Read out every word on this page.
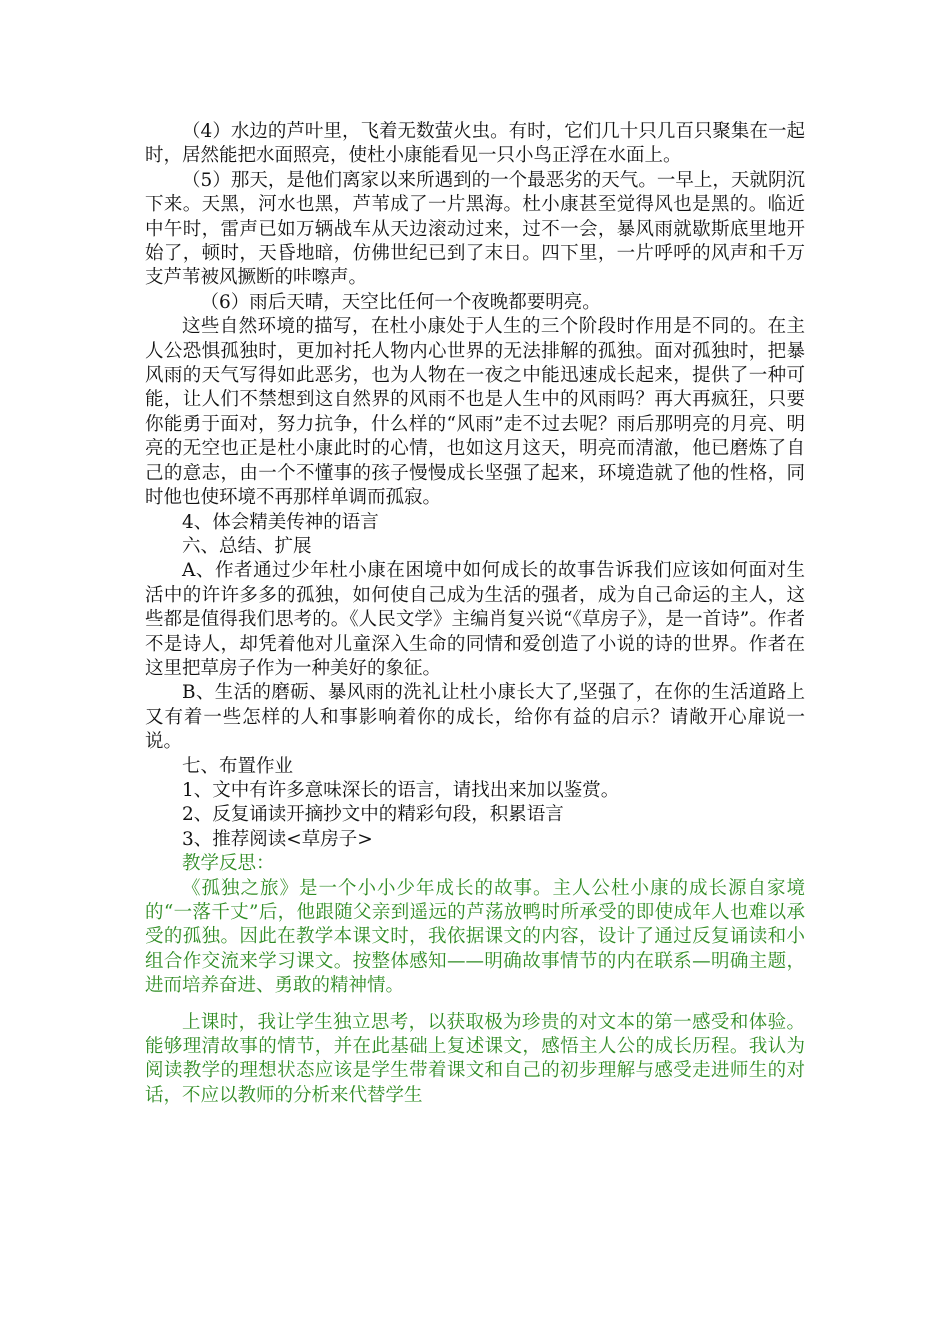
（4）水边的芦叶里，飞着无数萤火虫。有时，它们几十只几百只聚集在一起时，居然能把水面照亮，使杜小康能看见一只小鸟正浮在水面上。

（5）那天，是他们离家以来所遇到的一个最恶劣的天气。一早上，天就阴沉下来。天黑，河水也黑，芦苇成了一片黑海。杜小康甚至觉得风也是黑的。临近中午时，雷声已如万辆战车从天边滚动过来，过不一会，暴风雨就歇斯底里地开始了，顿时，天昏地暗，仿佛世纪已到了末日。四下里，一片呼呼的风声和千万支芦苇被风撅断的咔嚓声。

（6）雨后天晴，天空比任何一个夜晚都要明亮。

这些自然环境的描写，在杜小康处于人生的三个阶段时作用是不同的。在主人公恐惧孤独时，更加衬托人物内心世界的无法排解的孤独。面对孤独时，把暴风雨的天气写得如此恶劣，也为人物在一夜之中能迅速成长起来，提供了一种可能，让人们不禁想到这自然界的风雨不也是人生中的风雨吗？再大再疯狂，只要你能勇于面对，努力抗争，什么样的“风雨”走不过去呢？雨后那明亮的月亮、明亮的无空也正是杜小康此时的心情，也如这月这天，明亮而清澈，他已磨炼了自己的意志，由一个不懂事的孩子慢慢成长坚强了起来，环境造就了他的性格，同时他也使环境不再那样单调而孤寂。

4、体会精美传神的语言

六、总结、扩展

A、作者通过少年杜小康在困境中如何成长的故事告诉我们应该如何面对生活中的许许多多的孤独，如何使自己成为生活的强者，成为自己命运的主人，这些都是值得我们思考的。《人民文学》主编肖复兴说“《草房子》，是一首诗”。作者不是诗人，却凭着他对儿童深入生命的同情和爱创造了小说的诗的世界。作者在这里把草房子作为一种美好的象征。

B、生活的磨砺、暴风雨的洗礼让杜小康长大了,坚强了，在你的生活道路上又有着一些怎样的人和事影响着你的成长，给你有益的启示？请敞开心扉说一说。

七、布置作业

1、文中有许多意味深长的语言，请找出来加以鉴赏。

2、反复诵读开摘抄文中的精彩句段，积累语言

3、推荐阅读<草房子>

教学反思：

《孤独之旅》是一个小小少年成长的故事。主人公杜小康的成长源自家境的“一落千丈”后，他跟随父亲到遥远的芦荡放鸭时所承受的即使成年人也难以承受的孤独。因此在教学本课文时，我依据课文的内容，设计了通过反复诵读和小组合作交流来学习课文。按整体感知——明确故事情节的内在联系—明确主题，进而培养奋进、勇敢的精神情。

上课时，我让学生独立思考，以获取极为珍贵的对文本的第一感受和体验。能够理清故事的情节，并在此基础上复述课文，感悟主人公的成长历程。我认为阅读教学的理想状态应该是学生带着课文和自己的初步理解与感受走进师生的对话，不应以教师的分析来代替学生
